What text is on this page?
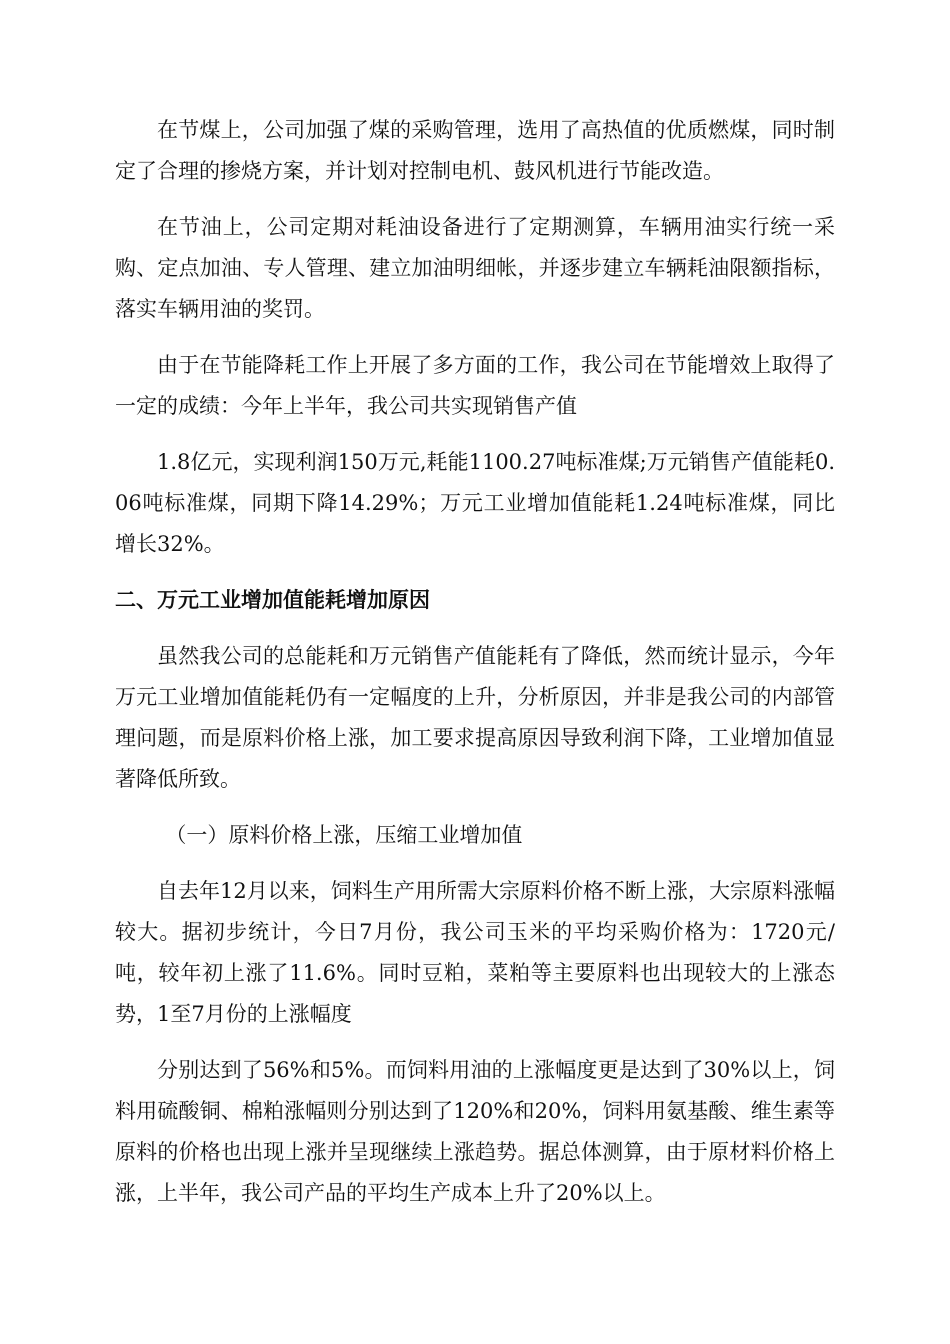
在节煤上，公司加强了煤的采购管理，选用了高热值的优质燃煤，同时制定了合理的掺烧方案，并计划对控制电机、鼓风机进行节能改造。

在节油上，公司定期对耗油设备进行了定期测算，车辆用油实行统一采购、定点加油、专人管理、建立加油明细帐，并逐步建立车辆耗油限额指标，落实车辆用油的奖罚。

由于在节能降耗工作上开展了多方面的工作，我公司在节能增效上取得了一定的成绩：今年上半年，我公司共实现销售产值

1.8亿元，实现利润150万元,耗能1100.27吨标准煤;万元销售产值能耗0.06吨标准煤，同期下降14.29%；万元工业增加值能耗1.24吨标准煤，同比增长32%。

二、万元工业增加值能耗增加原因

虽然我公司的总能耗和万元销售产值能耗有了降低，然而统计显示，今年万元工业增加值能耗仍有一定幅度的上升，分析原因，并非是我公司的内部管理问题，而是原料价格上涨，加工要求提高原因导致利润下降，工业增加值显著降低所致。

（一）原料价格上涨，压缩工业增加值

自去年12月以来，饲料生产用所需大宗原料价格不断上涨，大宗原料涨幅较大。据初步统计，今日7月份，我公司玉米的平均采购价格为：1720元/吨，较年初上涨了11.6%。同时豆粕，菜粕等主要原料也出现较大的上涨态势，1至7月份的上涨幅度

分别达到了56%和5%。而饲料用油的上涨幅度更是达到了30%以上，饲料用硫酸铜、棉粕涨幅则分别达到了120%和20%，饲料用氨基酸、维生素等原料的价格也出现上涨并呈现继续上涨趋势。据总体测算，由于原材料价格上涨，上半年，我公司产品的平均生产成本上升了20%以上。
